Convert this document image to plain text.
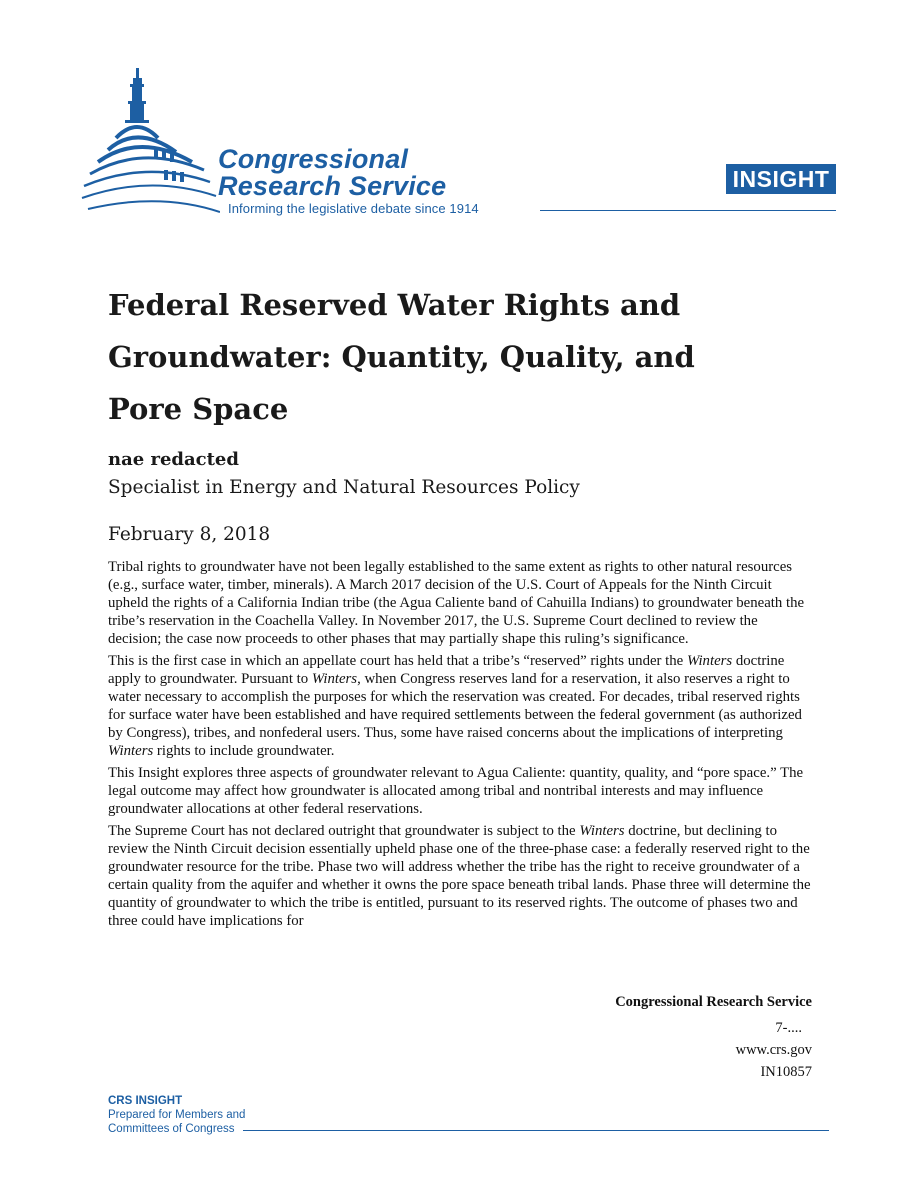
Congressional
Research Service
Informing the legislative debate since 1914
INSIGHT
Federal Reserved Water Rights and Groundwater: Quantity, Quality, and Pore Space
nae redacted
Specialist in Energy and Natural Resources Policy
February 8, 2018

Tribal rights to groundwater have not been legally established to the same extent as rights to other natural resources (e.g., surface water, timber, minerals). A March 2017 decision of the U.S. Court of Appeals for the Ninth Circuit upheld the rights of a California Indian tribe (the Agua Caliente band of Cahuilla Indians) to groundwater beneath the tribe’s reservation in the Coachella Valley. In November 2017, the U.S. Supreme Court declined to review the decision; the case now proceeds to other phases that may partially shape this ruling’s significance.

This is the first case in which an appellate court has held that a tribe’s “reserved” rights under the Winters doctrine apply to groundwater. Pursuant to Winters, when Congress reserves land for a reservation, it also reserves a right to water necessary to accomplish the purposes for which the reservation was created. For decades, tribal reserved rights for surface water have been established and have required settlements between the federal government (as authorized by Congress), tribes, and nonfederal users. Thus, some have raised concerns about the implications of interpreting Winters rights to include groundwater.

This Insight explores three aspects of groundwater relevant to Agua Caliente: quantity, quality, and “pore space.” The legal outcome may affect how groundwater is allocated among tribal and nontribal interests and may influence groundwater allocations at other federal reservations.

The Supreme Court has not declared outright that groundwater is subject to the Winters doctrine, but declining to review the Ninth Circuit decision essentially upheld phase one of the three-phase case: a federally reserved right to the groundwater resource for the tribe. Phase two will address whether the tribe has the right to receive groundwater of a certain quality from the aquifer and whether it owns the pore space beneath tribal lands. Phase three will determine the quantity of groundwater to which the tribe is entitled, pursuant to its reserved rights. The outcome of phases two and three could have implications for

Congressional Research Service
7-....
www.crs.gov
IN10857
CRS INSIGHT
Prepared for Members and
Committees of Congress
